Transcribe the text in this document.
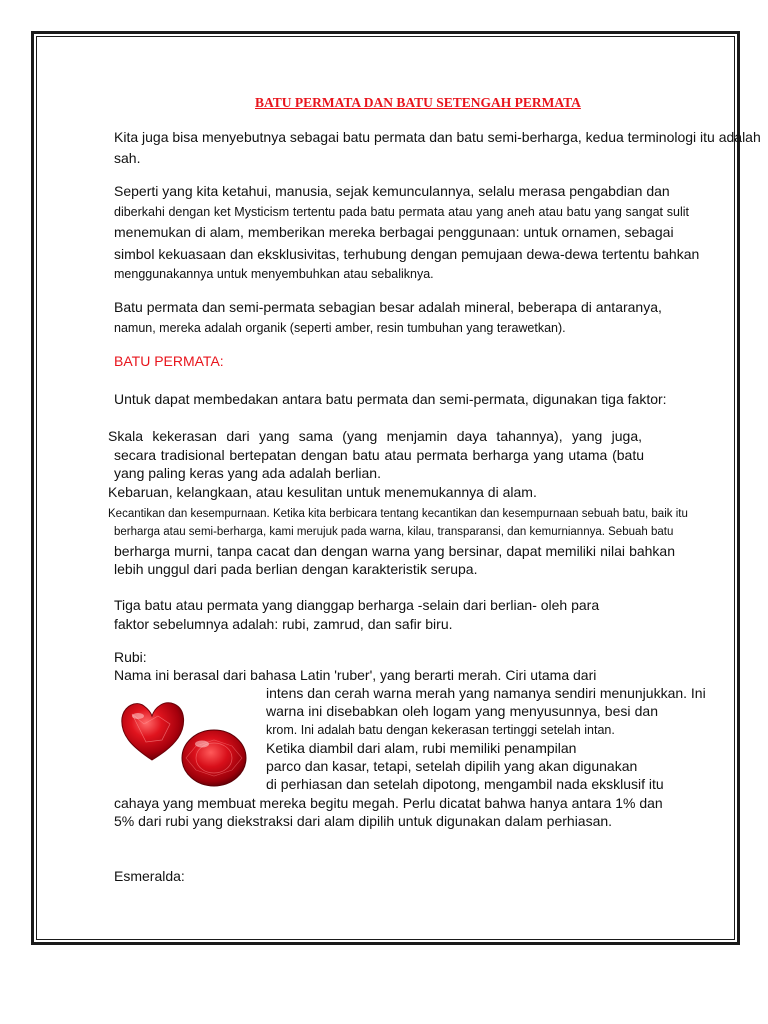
BATU PERMATA DAN BATU SETENGAH PERMATA
Kita juga bisa menyebutnya sebagai batu permata dan batu semi-berharga, kedua terminologi itu adalah
sah.
Seperti yang kita ketahui, manusia, sejak kemunculannya, selalu merasa pengabdian dan
diberkahi dengan ket Mysticism tertentu pada batu permata atau yang aneh atau batu yang sangat sulit
menemukan di alam, memberikan mereka berbagai penggunaan: untuk ornamen, sebagai
simbol kekuasaan dan eksklusivitas, terhubung dengan pemujaan dewa-dewa tertentu bahkan
menggunakannya untuk menyembuhkan atau sebaliknya.
Batu permata dan semi-permata sebagian besar adalah mineral, beberapa di antaranya,
namun, mereka adalah organik (seperti amber, resin tumbuhan yang terawetkan).
BATU PERMATA:
Untuk dapat membedakan antara batu permata dan semi-permata, digunakan tiga faktor:
Skala kekerasan dari yang sama (yang menjamin daya tahannya), yang juga,
secara tradisional bertepatan dengan batu atau permata berharga yang utama (batu
yang paling keras yang ada adalah berlian.
Kebaruan, kelangkaan, atau kesulitan untuk menemukannya di alam.
Kecantikan dan kesempurnaan. Ketika kita berbicara tentang kecantikan dan kesempurnaan sebuah batu, baik itu
berharga atau semi-berharga, kami merujuk pada warna, kilau, transparansi, dan kemurniannya. Sebuah batu
berharga murni, tanpa cacat dan dengan warna yang bersinar, dapat memiliki nilai bahkan
lebih unggul dari pada berlian dengan karakteristik serupa.
Tiga batu atau permata yang dianggap berharga -selain dari berlian- oleh para
faktor sebelumnya adalah: rubi, zamrud, dan safir biru.
Rubi:
Nama ini berasal dari bahasa Latin 'ruber', yang berarti merah. Ciri utama dari
intens dan cerah warna merah yang namanya sendiri menunjukkan. Ini
warna ini disebabkan oleh logam yang menyusunnya, besi dan
krom. Ini adalah batu dengan kekerasan tertinggi setelah intan.
Ketika diambil dari alam, rubi memiliki penampilan
parco dan kasar, tetapi, setelah dipilih yang akan digunakan
di perhiasan dan setelah dipotong, mengambil nada eksklusif itu
cahaya yang membuat mereka begitu megah. Perlu dicatat bahwa hanya antara 1% dan
5% dari rubi yang diekstraksi dari alam dipilih untuk digunakan dalam perhiasan.
Esmeralda:
